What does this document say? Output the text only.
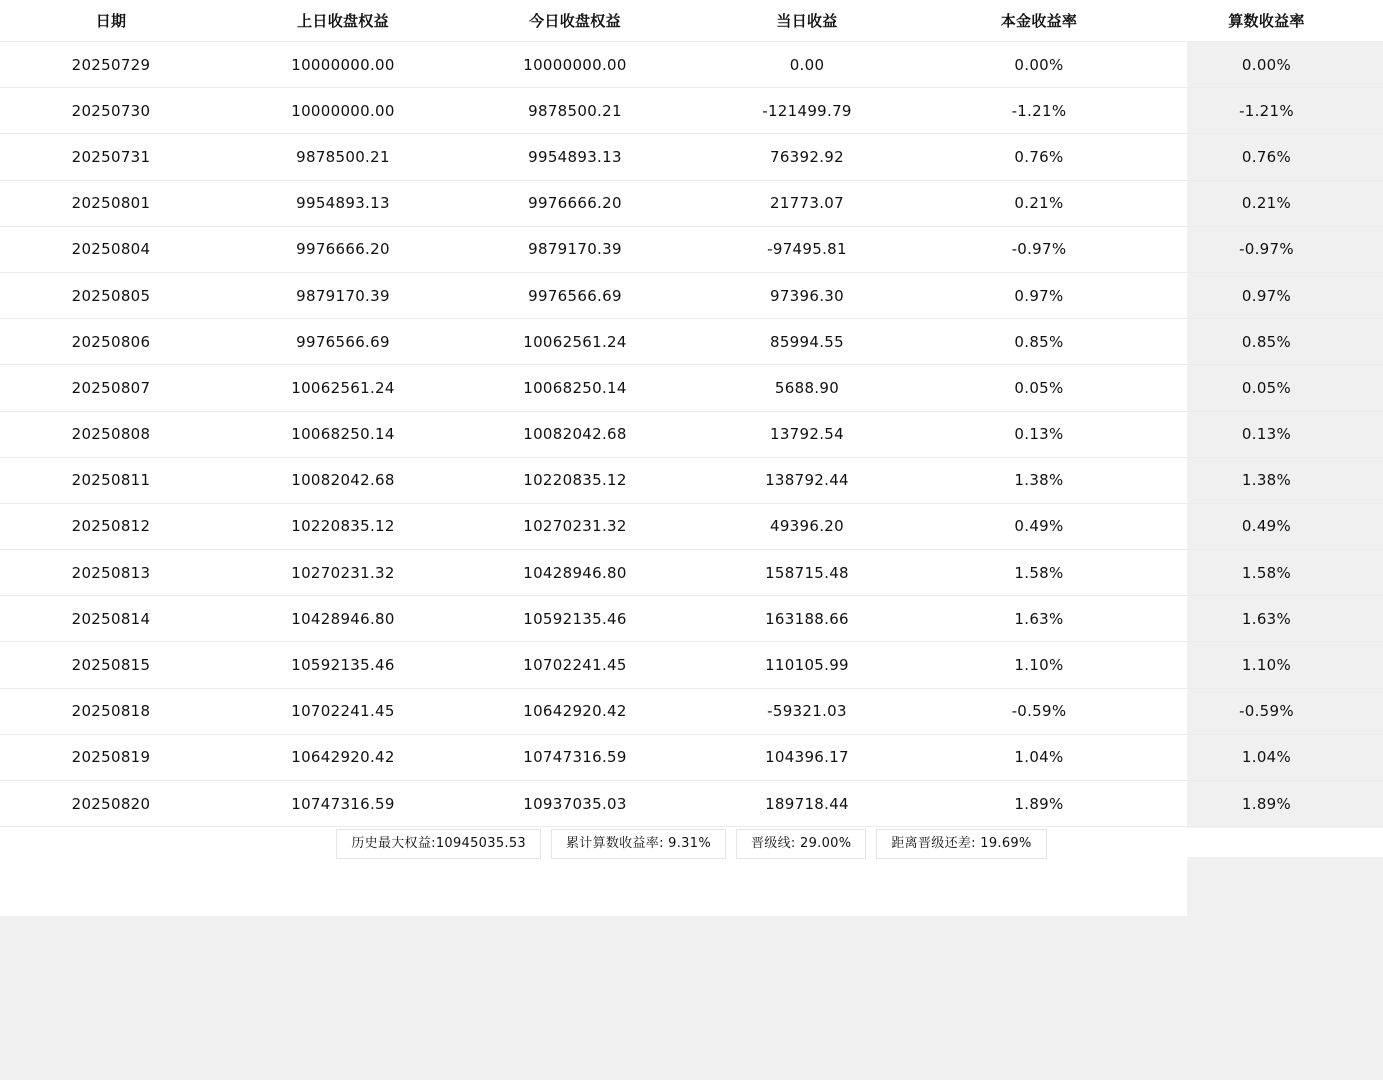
日期	上日收盘权益	今日收盘权益	当日收益	本金收益率	算数收益率
20250729	10000000.00	10000000.00	0.00	0.00%	0.00%
20250730	10000000.00	9878500.21	-121499.79	-1.21%	-1.21%
20250731	9878500.21	9954893.13	76392.92	0.76%	0.76%
20250801	9954893.13	9976666.20	21773.07	0.21%	0.21%
20250804	9976666.20	9879170.39	-97495.81	-0.97%	-0.97%
20250805	9879170.39	9976566.69	97396.30	0.97%	0.97%
20250806	9976566.69	10062561.24	85994.55	0.85%	0.85%
20250807	10062561.24	10068250.14	5688.90	0.05%	0.05%
20250808	10068250.14	10082042.68	13792.54	0.13%	0.13%
20250811	10082042.68	10220835.12	138792.44	1.38%	1.38%
20250812	10220835.12	10270231.32	49396.20	0.49%	0.49%
20250813	10270231.32	10428946.80	158715.48	1.58%	1.58%
20250814	10428946.80	10592135.46	163188.66	1.63%	1.63%
20250815	10592135.46	10702241.45	110105.99	1.10%	1.10%
20250818	10702241.45	10642920.42	-59321.03	-0.59%	-0.59%
20250819	10642920.42	10747316.59	104396.17	1.04%	1.04%
20250820	10747316.59	10937035.03	189718.44	1.89%	1.89%
历史最大权益:10945035.53	累计算数收益率: 9.31%	晋级线: 29.00%	距离晋级还差: 19.69%
